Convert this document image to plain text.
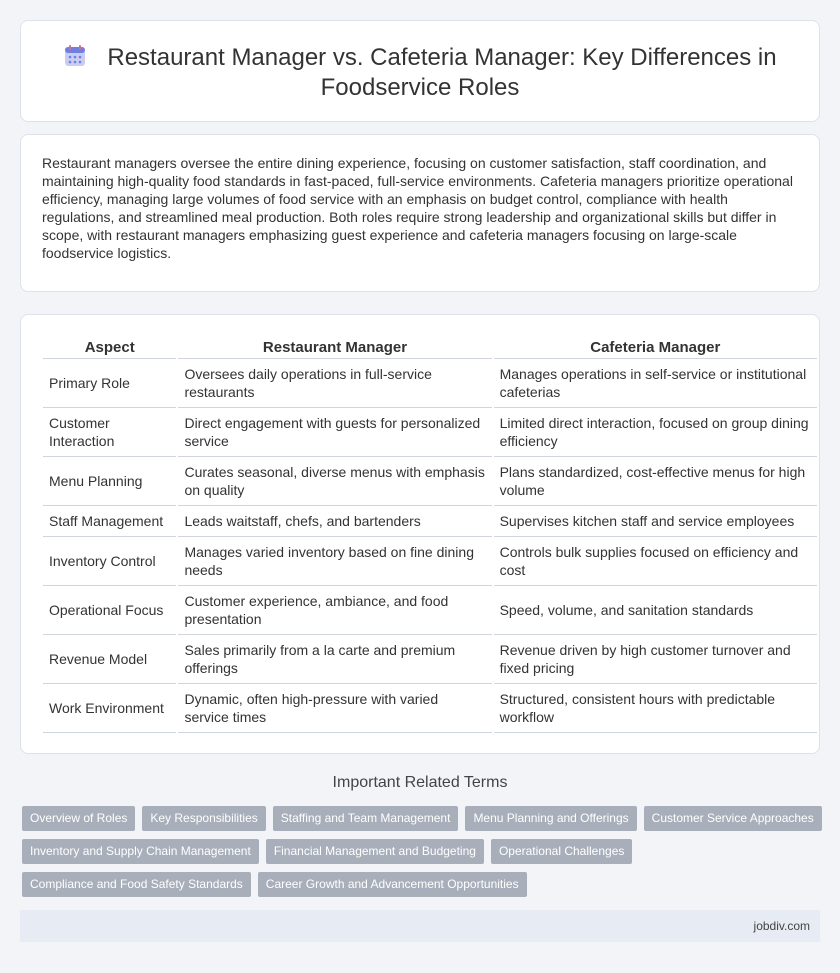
Restaurant Manager vs. Cafeteria Manager: Key Differences in Foodservice Roles

Restaurant managers oversee the entire dining experience, focusing on customer satisfaction, staff coordination, and maintaining high-quality food standards in fast-paced, full-service environments. Cafeteria managers prioritize operational efficiency, managing large volumes of food service with an emphasis on budget control, compliance with health regulations, and streamlined meal production. Both roles require strong leadership and organizational skills but differ in scope, with restaurant managers emphasizing guest experience and cafeteria managers focusing on large-scale foodservice logistics.

Aspect	Restaurant Manager	Cafeteria Manager
Primary Role	Oversees daily operations in full-service restaurants	Manages operations in self-service or institutional cafeterias
Customer Interaction	Direct engagement with guests for personalized service	Limited direct interaction, focused on group dining efficiency
Menu Planning	Curates seasonal, diverse menus with emphasis on quality	Plans standardized, cost-effective menus for high volume
Staff Management	Leads waitstaff, chefs, and bartenders	Supervises kitchen staff and service employees
Inventory Control	Manages varied inventory based on fine dining needs	Controls bulk supplies focused on efficiency and cost
Operational Focus	Customer experience, ambiance, and food presentation	Speed, volume, and sanitation standards
Revenue Model	Sales primarily from a la carte and premium offerings	Revenue driven by high customer turnover and fixed pricing
Work Environment	Dynamic, often high-pressure with varied service times	Structured, consistent hours with predictable workflow
Important Related Terms
Overview of Roles	Key Responsibilities	Staffing and Team Management	Menu Planning and Offerings	Customer Service Approaches
Inventory and Supply Chain Management	Financial Management and Budgeting	Operational Challenges
Compliance and Food Safety Standards	Career Growth and Advancement Opportunities
jobdiv.com
